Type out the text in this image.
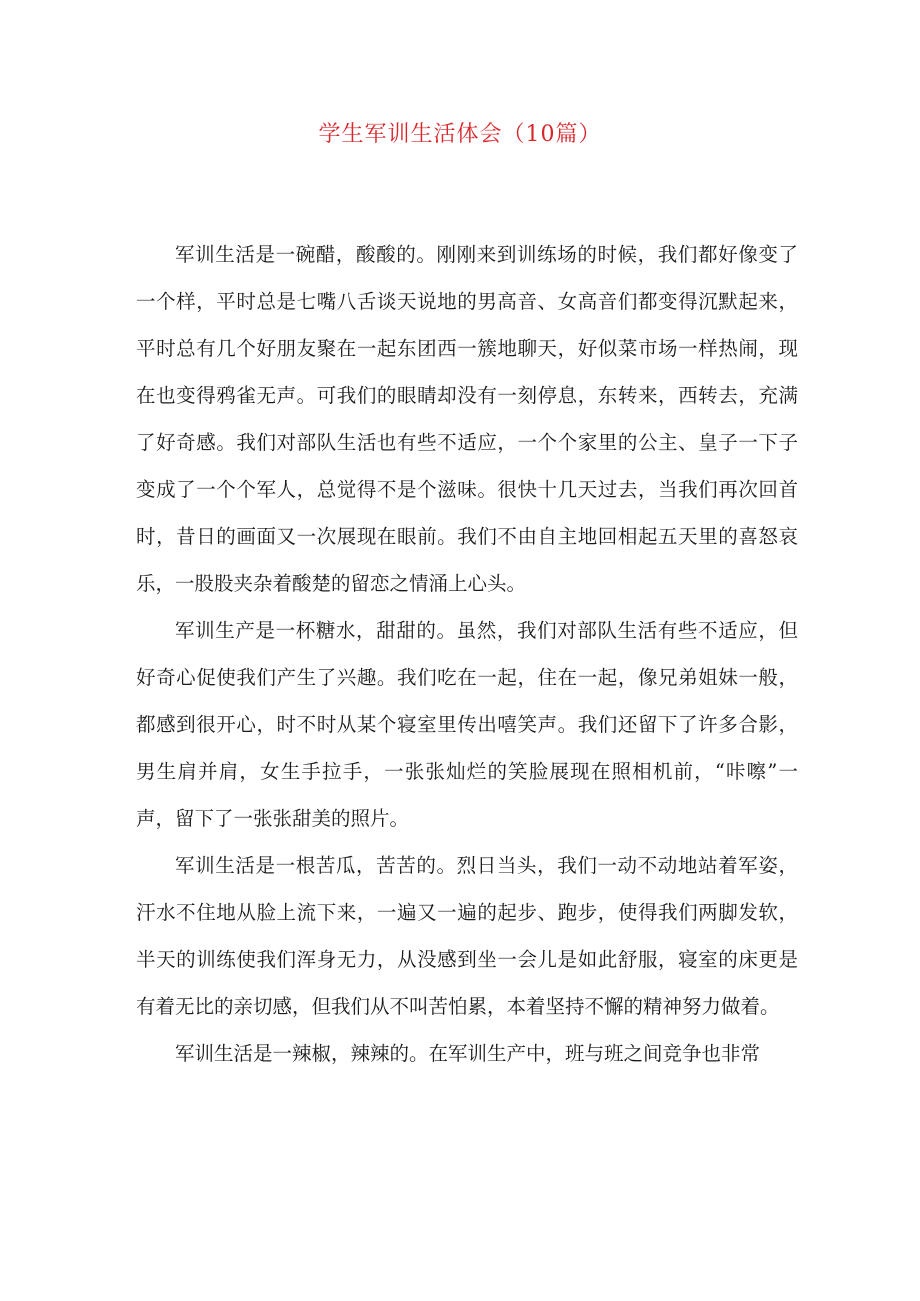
学生军训生活体会（10篇）

军训生活是一碗醋，酸酸的。刚刚来到训练场的时候，我们都好像变了一个样，平时总是七嘴八舌谈天说地的男高音、女高音们都变得沉默起来，平时总有几个好朋友聚在一起东团西一簇地聊天，好似菜市场一样热闹，现在也变得鸦雀无声。可我们的眼睛却没有一刻停息，东转来，西转去，充满了好奇感。我们对部队生活也有些不适应，一个个家里的公主、皇子一下子变成了一个个军人，总觉得不是个滋味。很快十几天过去，当我们再次回首时，昔日的画面又一次展现在眼前。我们不由自主地回相起五天里的喜怒哀乐，一股股夹杂着酸楚的留恋之情涌上心头。

军训生产是一杯糖水，甜甜的。虽然，我们对部队生活有些不适应，但好奇心促使我们产生了兴趣。我们吃在一起，住在一起，像兄弟姐妹一般，都感到很开心，时不时从某个寝室里传出嘻笑声。我们还留下了许多合影，男生肩并肩，女生手拉手，一张张灿烂的笑脸展现在照相机前，“咔嚓”一声，留下了一张张甜美的照片。

军训生活是一根苦瓜，苦苦的。烈日当头，我们一动不动地站着军姿，汗水不住地从脸上流下来，一遍又一遍的起步、跑步，使得我们两脚发软，半天的训练使我们浑身无力，从没感到坐一会儿是如此舒服，寝室的床更是有着无比的亲切感，但我们从不叫苦怕累，本着坚持不懈的精神努力做着。

军训生活是一辣椒，辣辣的。在军训生产中，班与班之间竞争也非常
